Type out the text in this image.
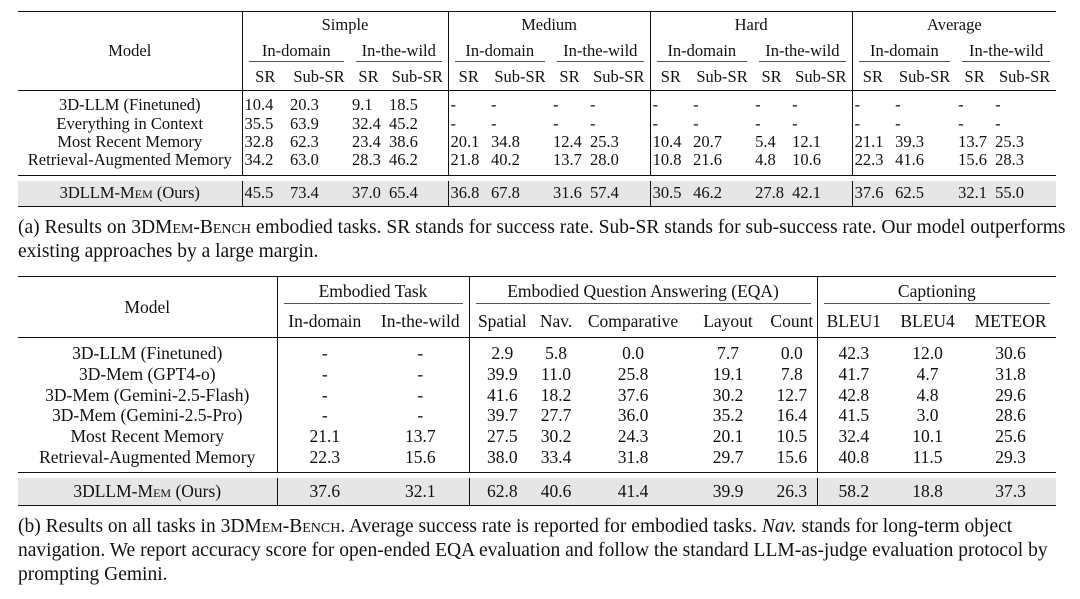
Model	Simple				Medium				Hard				Average			
	In-domain		In-the-wild		In-domain		In-the-wild		In-domain		In-the-wild		In-domain		In-the-wild	
	SR	Sub-SR	SR	Sub-SR	SR	Sub-SR	SR	Sub-SR	SR	Sub-SR	SR	Sub-SR	SR	Sub-SR	SR	Sub-SR

3D-LLM (Finetuned)	10.4	20.3	9.1	18.5	-	-	-	-	-	-	-	-	-	-	-	-
Everything in Context	35.5	63.9	32.4	45.2	-	-	-	-	-	-	-	-	-	-	-	-
Most Recent Memory	32.8	62.3	23.4	38.6	20.1	34.8	12.4	25.3	10.4	20.7	5.4	12.1	21.1	39.3	13.7	25.3
Retrieval-Augmented Memory	34.2	63.0	28.3	46.2	21.8	40.2	13.7	28.0	10.8	21.6	4.8	10.6	22.3	41.6	15.6	28.3

3DLLM-Mem (Ours)	45.5	73.4	37.0	65.4	36.8	67.8	31.6	57.4	30.5	46.2	27.8	42.1	37.6	62.5	32.1	55.0

(a) Results on 3DMem-Bench embodied tasks. SR stands for success rate. Sub-SR stands for sub-success rate. Our model outperforms existing approaches by a large margin.
Model	Embodied Task		Embodied Question Answering (EQA)					Captioning		
	In-domain	In-the-wild	Spatial	Nav.	Comparative	Layout	Count	BLEU1	BLEU4	METEOR

3D-LLM (Finetuned)	-	-	2.9	5.8	0.0	7.7	0.0	42.3	12.0	30.6
3D-Mem (GPT4-o)	-	-	39.9	11.0	25.8	19.1	7.8	41.7	4.7	31.8
3D-Mem (Gemini-2.5-Flash)	-	-	41.6	18.2	37.6	30.2	12.7	42.8	4.8	29.6
3D-Mem (Gemini-2.5-Pro)	-	-	39.7	27.7	36.0	35.2	16.4	41.5	3.0	28.6
Most Recent Memory	21.1	13.7	27.5	30.2	24.3	20.1	10.5	32.4	10.1	25.6
Retrieval-Augmented Memory	22.3	15.6	38.0	33.4	31.8	29.7	15.6	40.8	11.5	29.3

3DLLM-Mem (Ours)	37.6	32.1	62.8	40.6	41.4	39.9	26.3	58.2	18.8	37.3

(b) Results on all tasks in 3DMem-Bench. Average success rate is reported for embodied tasks. Nav. stands for long-term object navigation. We report accuracy score for open-ended EQA evaluation and follow the standard LLM-as-judge evaluation protocol by prompting Gemini.
